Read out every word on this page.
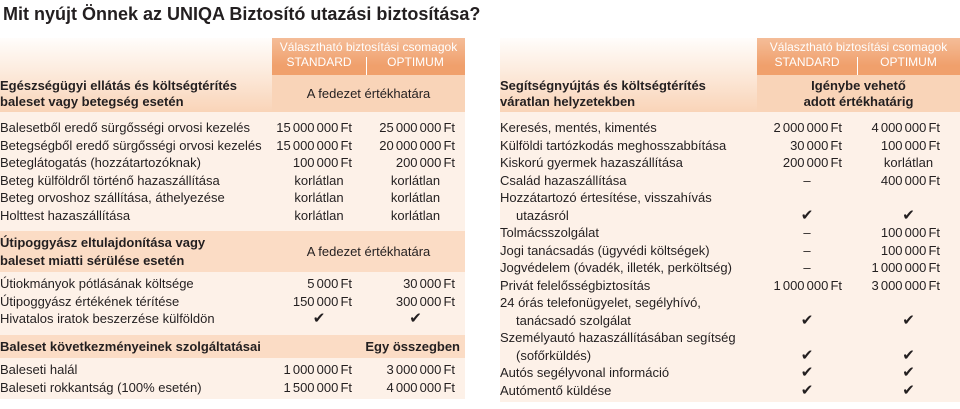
Mit nyújt Önnek az UNIQA Biztosító utazási biztosítása?
Egészségügyi ellátás és költségtérítés
baleset vagy betegség esetén
Választható biztosítási csomagok
STANDARD	OPTIMUM
A fedezet értékhatára
Balesetből eredő sürgősségi orvosi kezelés	15 000 000 Ft	25 000 000 Ft
Betegségből eredő sürgősségi orvosi kezelés	15 000 000 Ft	20 000 000 Ft
Beteglátogatás (hozzátartozóknak)	100 000 Ft	200 000 Ft
Beteg külföldről történő hazaszállítása	korlátlan	korlátlan
Beteg orvoshoz szállítása, áthelyezése	korlátlan	korlátlan
Holttest hazaszállítása	korlátlan	korlátlan
Útipoggyász eltulajdonítása vagy
baleset miatti sérülése esetén
A fedezet értékhatára
Útiokmányok pótlásának költsége	5 000 Ft	30 000 Ft
Útipoggyász értékének térítése	150 000 Ft	300 000 Ft
Hivatalos iratok beszerzése külföldön	✔	✔
Baleset következményeinek szolgáltatásai	Egy összegben
Baleseti halál	1 000 000 Ft	3 000 000 Ft
Baleseti rokkantság (100% esetén)	1 500 000 Ft	4 000 000 Ft
Segítségnyújtás és költségtérítés
váratlan helyzetekben
Választható biztosítási csomagok
STANDARD	OPTIMUM
Igénybe vehető
adott értékhatárig
Keresés, mentés, kimentés	2 000 000 Ft	4 000 000 Ft
Külföldi tartózkodás meghosszabbítása	30 000 Ft	100 000 Ft
Kiskorú gyermek hazaszállítása	200 000 Ft	korlátlan
Család hazaszállítása	–	400 000 Ft
Hozzátartozó értesítése, visszahívás
utazásról	✔	✔
Tolmácsszolgálat	–	100 000 Ft
Jogi tanácsadás (ügyvédi költségek)	–	100 000 Ft
Jogvédelem (óvadék, illeték, perköltség)	–	1 000 000 Ft
Privát felelősségbiztosítás	1 000 000 Ft	3 000 000 Ft
24 órás telefonügyelet, segélyhívó,
tanácsadó szolgálat	✔	✔
Személyautó hazaszállításában segítség
(sofőrküldés)	✔	✔
Autós segélyvonal információ	✔	✔
Autómentő küldése	✔	✔
